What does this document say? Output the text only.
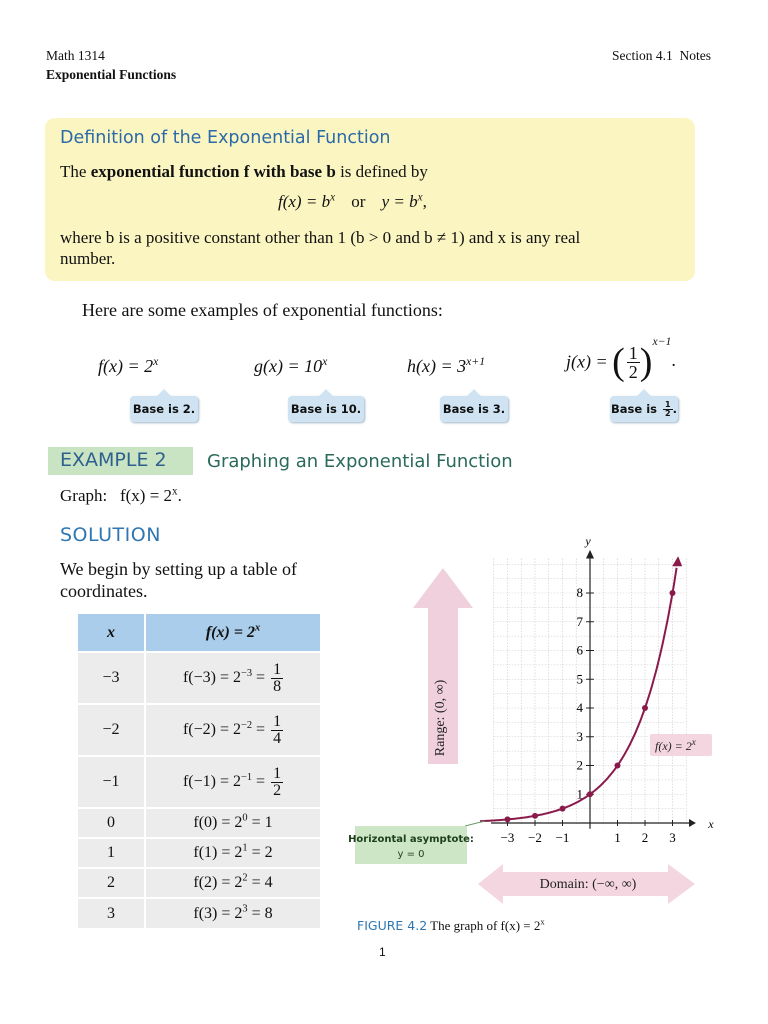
Math 1314
Exponential Functions
Section 4.1  Notes
Definition of the Exponential Function
The exponential function f with base b is defined by
$f(x) = b^x$ or $y = b^x$,
where b is a positive constant other than 1 (b > 0 and b ≠ 1) and x is any real
number.
Here are some examples of exponential functions:
$f(x) = 2^x$	$g(x) = 10^x$	$h(x) = 3^{x+1}$	j(x) = ( $\frac{1}{2} )^{x-1}$.
Base is 2.	Base is 10.	Base is 3.	Base is $\frac{1}{2}$ .
EXAMPLE 2 Graphing an Exponential Function
Graph:   $f(x) = 2^x$.
SOLUTION
We begin by setting up a table of
coordinates.
x	$f(x) = 2^x$
−3	$f(-3) = 2^{-3} = \frac{1}{8}$

−2	$f(-2) = 2^{-2} = \frac{1}{4}$

−1	$f(-1) = 2^{-1} = \frac{1}{2}$

0	$f(0) = 2^0 = 1$
1	$f(1) = 2^1 = 2$
2	$f(2) = 2^2 = 4$
3	$f(3) = 2^3 = 8$
Range: (0, ∞)
Domain: (−∞, ∞)
y
x
−3 −2 −1	1 2 3
1
2
3
4
5
6
7
8
$f(x) = 2^x$
Horizontal asymptote:
y = 0
FIGURE 4.2 The graph of $f(x) = 2^x$
1
